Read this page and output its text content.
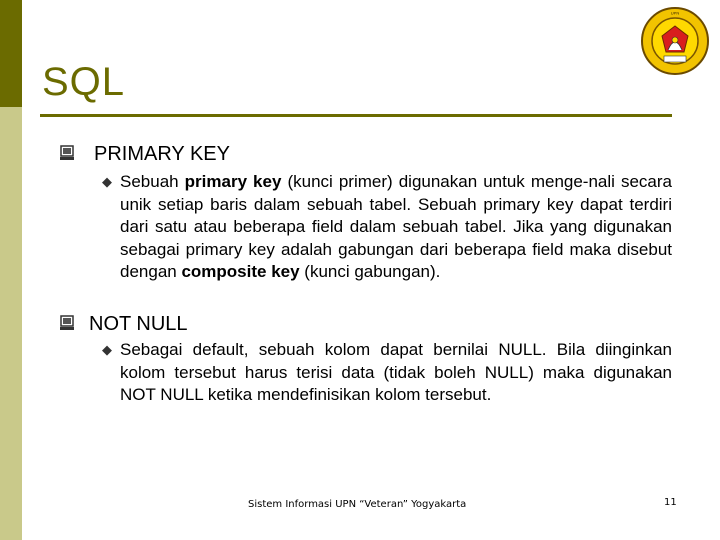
SQL
UPN
PRIMARY KEY
◆ Sebuah primary key (kunci primer) digunakan untuk menge-nali secara unik setiap baris dalam sebuah tabel. Sebuah primary key dapat terdiri dari satu atau beberapa field dalam sebuah tabel. Jika yang digunakan sebagai primary key adalah gabungan dari beberapa field maka disebut dengan composite key (kunci gabungan).
NOT NULL
◆ Sebagai default, sebuah kolom dapat bernilai NULL. Bila diinginkan kolom tersebut harus terisi data (tidak boleh NULL) maka digunakan NOT NULL ketika mendefinisikan kolom tersebut.
Sistem Informasi UPN “Veteran” Yogyakarta	11
